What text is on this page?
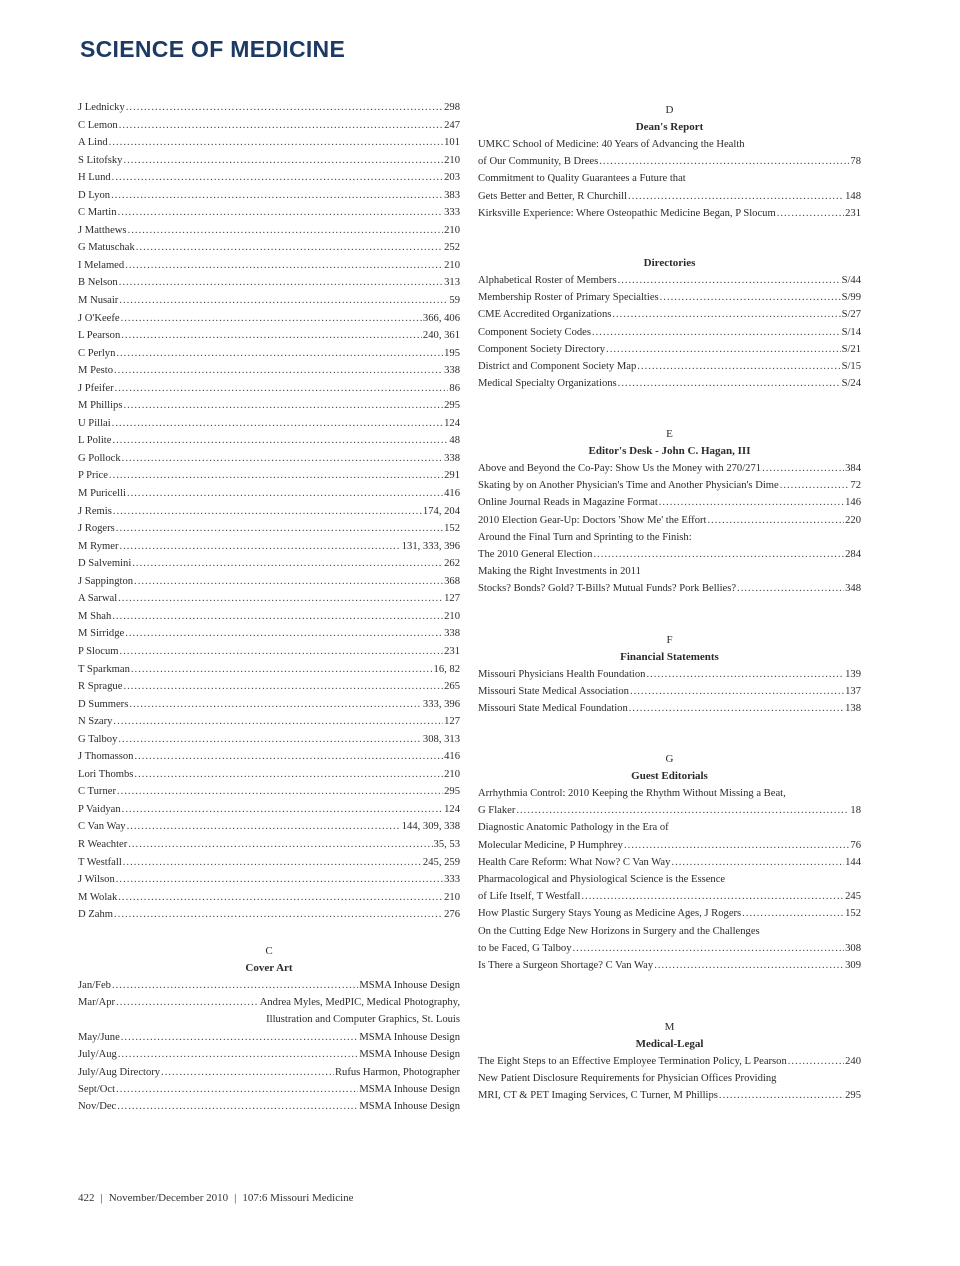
SCIENCE OF MEDICINE
J Lednicky .....	298
C Lemon .....	247
A Lind .....	101
S Litofsky .....	210
H Lund .....	203
D Lyon .....	383
C Martin .....	333
J Matthews .....	210
G Matuschak .....	252
I Melamed .....	210
B Nelson .....	313
M Nusair .....	59
J O'Keefe .....	366, 406
L Pearson .....	240, 361
C Perlyn .....	195
M Pesto .....	338
J Pfeifer .....	86
M Phillips .....	295
U Pillai .....	124
L Polite .....	48
G Pollock .....	338
P Price .....	291
M Puricelli .....	416
J Remis .....	174, 204
J Rogers .....	152
M Rymer .....	131, 333, 396
D Salvemini .....	262
J Sappington .....	368
A Sarwal .....	127
M Shah .....	210
M Sirridge .....	338
P Slocum .....	231
T Sparkman .....	16, 82
R Sprague .....	265
D Summers .....	333, 396
N Szary .....	127
G Talboy .....	308, 313
J Thomasson .....	416
Lori Thombs .....	210
C Turner .....	295
P Vaidyan .....	124
C Van Way .....	144, 309, 338
R Weachter .....	35, 53
T Westfall .....	245, 259
J Wilson .....	333
M Wolak .....	210
D Zahm .....	276
C
Cover Art
Jan/Feb .....	MSMA Inhouse Design
Mar/Apr .....	Andrea Myles, MedPIC, Medical Photography,
Illustration and Computer Graphics, St. Louis
May/June .....	MSMA Inhouse Design
July/Aug .....	MSMA Inhouse Design
July/Aug Directory .....	Rufus Harmon, Photographer
Sept/Oct .....	MSMA Inhouse Design
Nov/Dec .....	MSMA Inhouse Design
D
Dean's Report
UMKC School of Medicine: 40 Years of Advancing the Health
of Our Community, B Drees .....	78
Commitment to Quality Guarantees a Future that
Gets Better and Better, R Churchill .....	148
Kirksville Experience: Where Osteopathic Medicine Began, P Slocum .....	231
Directories
Alphabetical Roster of Members .....	S/44
Membership Roster of Primary Specialties .....	S/99
CME Accredited Organizations .....	S/27
Component Society Codes .....	S/14
Component Society Directory .....	S/21
District and Component Society Map .....	S/15
Medical Specialty Organizations .....	S/24
E
Editor's Desk - John C. Hagan, III
Above and Beyond the Co-Pay: Show Us the Money with 270/271 .....	384
Skating by on Another Physician's Time and Another Physician's Dime .....	72
Online Journal Reads in Magazine Format .....	146
2010 Election Gear-Up: Doctors 'Show Me' the Effort .....	220
Around the Final Turn and Sprinting to the Finish:
The 2010 General Election .....	284
Making the Right Investments in 2011
Stocks? Bonds? Gold? T-Bills? Mutual Funds? Pork Bellies? .....	348
F
Financial Statements
Missouri Physicians Health Foundation .....	139
Missouri State Medical Association .....	137
Missouri State Medical Foundation .....	138
G
Guest Editorials
Arrhythmia Control: 2010 Keeping the Rhythm Without Missing a Beat,
G Flaker .....	18
Diagnostic Anatomic Pathology in the Era of
Molecular Medicine, P Humphrey .....	76
Health Care Reform: What Now? C Van Way .....	144
Pharmacological and Physiological Science is the Essence
of Life Itself, T Westfall .....	245
How Plastic Surgery Stays Young as Medicine Ages, J Rogers .....	152
On the Cutting Edge New Horizons in Surgery and the Challenges
to be Faced, G Talboy .....	308
Is There a Surgeon Shortage? C Van Way .....	309
M
Medical-Legal
The Eight Steps to an Effective Employee Termination Policy, L Pearson .....	240
New Patient Disclosure Requirements for Physician Offices Providing
MRI, CT & PET Imaging Services, C Turner, M Phillips .....	295
422 | November/December 2010 | 107:6 Missouri Medicine
